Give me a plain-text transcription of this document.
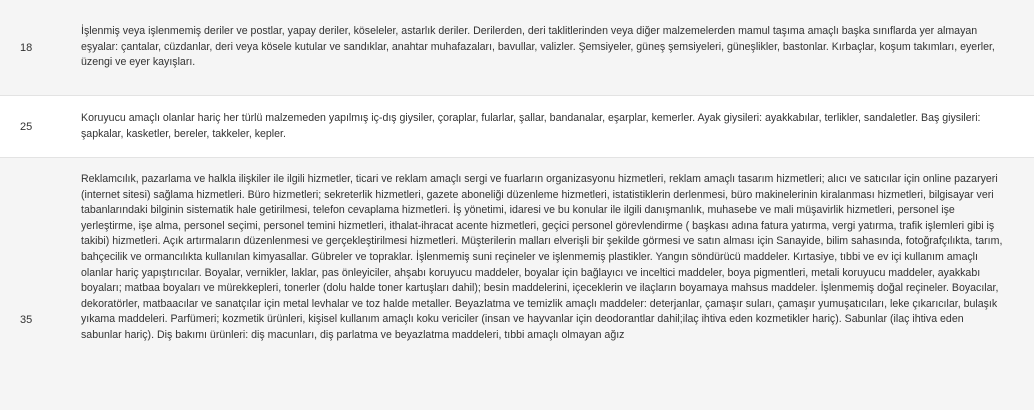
18
İşlenmiş veya işlenmemiş deriler ve postlar, yapay deriler, köseleler, astarlık deriler. Derilerden, deri taklitlerinden veya diğer malzemelerden mamul taşıma amaçlı başka sınıflarda yer almayan eşyalar: çantalar, cüzdanlar, deri veya kösele kutular ve sandıklar, anahtar muhafazaları, bavullar, valizler. Şemsiyeler, güneş şemsiyeleri, güneşlikler, bastonlar. Kırbaçlar, koşum takımları, eyerler, üzengi ve eyer kayışları.
25
Koruyucu amaçlı olanlar hariç her türlü malzemeden yapılmış iç-dış giysiler, çoraplar, fularlar, şallar, bandanalar, eşarplar, kemerler. Ayak giysileri: ayakkabılar, terlikler, sandaletler. Baş giysileri: şapkalar, kasketler, bereler, takkeler, kepler.
35
Reklamcılık, pazarlama ve halkla ilişkiler ile ilgili hizmetler, ticari ve reklam amaçlı sergi ve fuarların organizasyonu hizmetleri, reklam amaçlı tasarım hizmetleri; alıcı ve satıcılar için online pazaryeri (internet sitesi) sağlama hizmetleri. Büro hizmetleri; sekreterlik hizmetleri, gazete aboneliği düzenleme hizmetleri, istatistiklerin derlenmesi, büro makinelerinin kiralanması hizmetleri, bilgisayar veri tabanlarındaki bilginin sistematik hale getirilmesi, telefon cevaplama hizmetleri. İş yönetimi, idaresi ve bu konular ile ilgili danışmanlık, muhasebe ve mali müşavirlik hizmetleri, personel işe yerleştirme, işe alma, personel seçimi, personel temini hizmetleri, ithalat-ihracat acente hizmetleri, geçici personel görevlendirme ( başkası adına fatura yatırma, vergi yatırma, trafik işlemleri gibi iş takibi) hizmetleri. Açık artırmaların düzenlenmesi ve gerçekleştirilmesi hizmetleri. Müşterilerin malları elverişli bir şekilde görmesi ve satın alması için Sanayide, bilim sahasında, fotoğrafçılıkta, tarım, bahçecilik ve ormancılıkta kullanılan kimyasallar. Gübreler ve topraklar. İşlenmemiş suni reçineler ve işlenmemiş plastikler. Yangın söndürücü maddeler. Kırtasiye, tıbbi ve ev içi kullanım amaçlı olanlar hariç yapıştırıcılar. Boyalar, vernikler, laklar, pas önleyiciler, ahşabı koruyucu maddeler, boyalar için bağlayıcı ve inceltici maddeler, boya pigmentleri, metali koruyucu maddeler, ayakkabı boyaları; matbaa boyaları ve mürekkepleri, tonerler (dolu halde toner kartuşları dahil); besin maddelerini, içeceklerin ve ilaçların boyamaya mahsus maddeler. İşlenmemiş doğal reçineler. Boyacılar, dekoratörler, matbaacılar ve sanatçılar için metal levhalar ve toz halde metaller. Beyazlatma ve temizlik amaçlı maddeler: deterjanlar, çamaşır suları, çamaşır yumuşatıcıları, leke çıkarıcılar, bulaşık yıkama maddeleri. Parfümeri; kozmetik ürünleri, kişisel kullanım amaçlı koku vericiler (insan ve hayvanlar için deodorantlar dahil;ilaç ihtiva eden kozmetikler hariç). Sabunlar (ilaç ihtiva eden sabunlar hariç). Diş bakımı ürünleri: diş macunları, diş parlatma ve beyazlatma maddeleri, tıbbi amaçlı olmayan ağız
